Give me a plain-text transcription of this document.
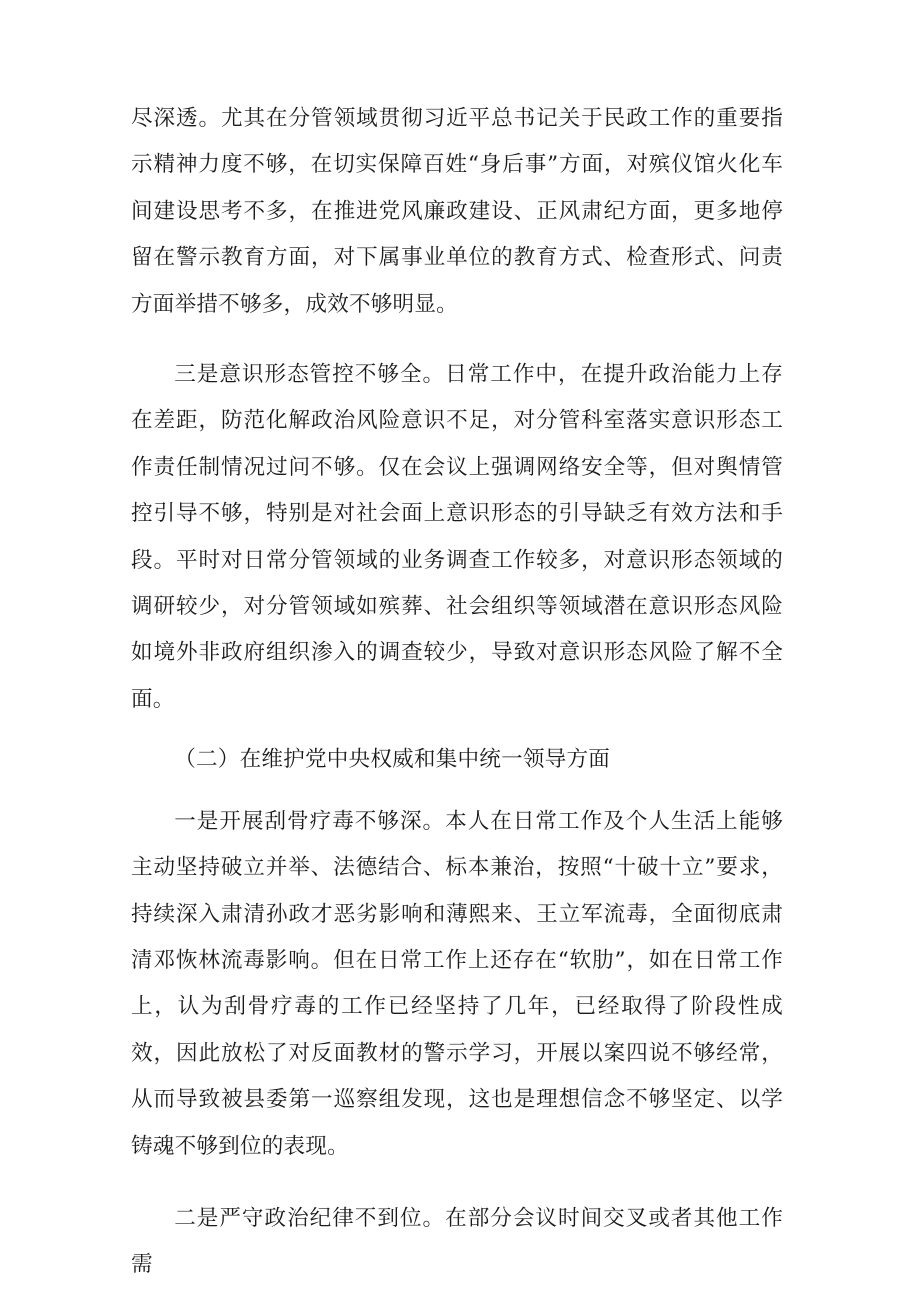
尽深透。尤其在分管领域贯彻习近平总书记关于民政工作的重要指示精神力度不够，在切实保障百姓“身后事”方面，对殡仪馆火化车间建设思考不多，在推进党风廉政建设、正风肃纪方面，更多地停留在警示教育方面，对下属事业单位的教育方式、检查形式、问责方面举措不够多，成效不够明显。

三是意识形态管控不够全。日常工作中，在提升政治能力上存在差距，防范化解政治风险意识不足，对分管科室落实意识形态工作责任制情况过问不够。仅在会议上强调网络安全等，但对舆情管控引导不够，特别是对社会面上意识形态的引导缺乏有效方法和手段。平时对日常分管领域的业务调查工作较多，对意识形态领域的调研较少，对分管领域如殡葬、社会组织等领域潜在意识形态风险如境外非政府组织渗入的调查较少，导致对意识形态风险了解不全面。

（二）在维护党中央权威和集中统一领导方面

一是开展刮骨疗毒不够深。本人在日常工作及个人生活上能够主动坚持破立并举、法德结合、标本兼治，按照“十破十立”要求，持续深入肃清孙政才恶劣影响和薄熙来、王立军流毒，全面彻底肃清邓恢林流毒影响。但在日常工作上还存在“软肋”，如在日常工作上，认为刮骨疗毒的工作已经坚持了几年，已经取得了阶段性成效，因此放松了对反面教材的警示学习，开展以案四说不够经常，从而导致被县委第一巡察组发现，这也是理想信念不够坚定、以学铸魂不够到位的表现。

二是严守政治纪律不到位。在部分会议时间交叉或者其他工作需
